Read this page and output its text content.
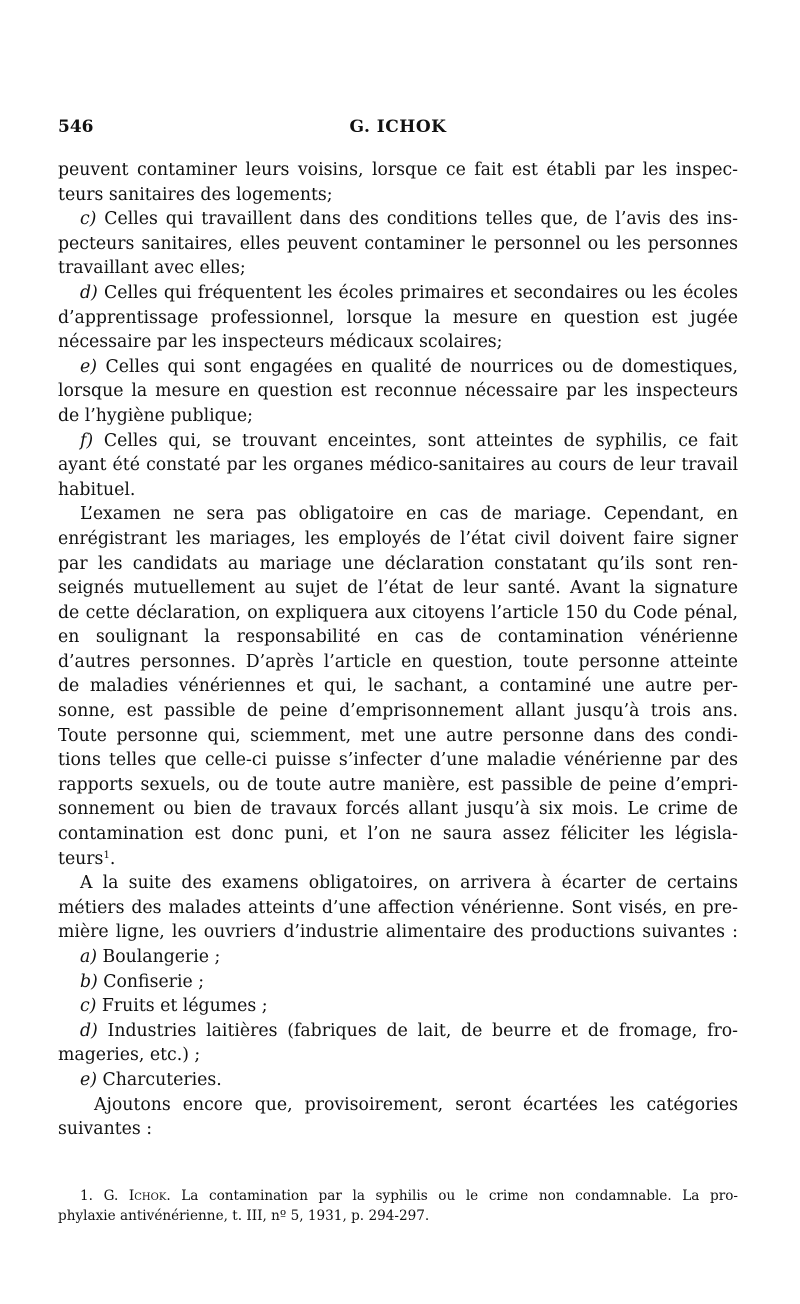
546	G. ICHOK
peuvent contaminer leurs voisins, lorsque ce fait est établi par les inspec-
teurs sanitaires des logements;
c) Celles qui travaillent dans des conditions telles que, de l’avis des ins-
pecteurs sanitaires, elles peuvent contaminer le personnel ou les personnes
travaillant avec elles;
d) Celles qui fréquentent les écoles primaires et secondaires ou les écoles
d’apprentissage professionnel, lorsque la mesure en question est jugée
nécessaire par les inspecteurs médicaux scolaires;
e) Celles qui sont engagées en qualité de nourrices ou de domestiques,
lorsque la mesure en question est reconnue nécessaire par les inspecteurs
de l’hygiène publique;
f) Celles qui, se trouvant enceintes, sont atteintes de syphilis, ce fait
ayant été constaté par les organes médico-sanitaires au cours de leur travail
habituel.
L’examen ne sera pas obligatoire en cas de mariage. Cependant, en
enrégistrant les mariages, les employés de l’état civil doivent faire signer
par les candidats au mariage une déclaration constatant qu’ils sont ren-
seignés mutuellement au sujet de l’état de leur santé. Avant la signature
de cette déclaration, on expliquera aux citoyens l’article 150 du Code pénal,
en soulignant la responsabilité en cas de contamination vénérienne
d’autres personnes. D’après l’article en question, toute personne atteinte
de maladies vénériennes et qui, le sachant, a contaminé une autre per-
sonne, est passible de peine d’emprisonnement allant jusqu’à trois ans.
Toute personne qui, sciemment, met une autre personne dans des condi-
tions telles que celle-ci puisse s’infecter d’une maladie vénérienne par des
rapports sexuels, ou de toute autre manière, est passible de peine d’empri-
sonnement ou bien de travaux forcés allant jusqu’à six mois. Le crime de
contamination est donc puni, et l’on ne saura assez féliciter les législa-
teurs$^1$.
A la suite des examens obligatoires, on arrivera à écarter de certains
métiers des malades atteints d’une affection vénérienne. Sont visés, en pre-
mière ligne, les ouvriers d’industrie alimentaire des productions suivantes :
a) Boulangerie ;
b) Confiserie ;
c) Fruits et légumes ;
d) Industries laitières (fabriques de lait, de beurre et de fromage, fro-
mageries, etc.) ;
e) Charcuteries.
Ajoutons encore que, provisoirement, seront écartées les catégories
suivantes :
1. G. Ichok. La contamination par la syphilis ou le crime non condamnable. La pro-
phylaxie antivénérienne, t. III, nº 5, 1931, p. 294-297.
